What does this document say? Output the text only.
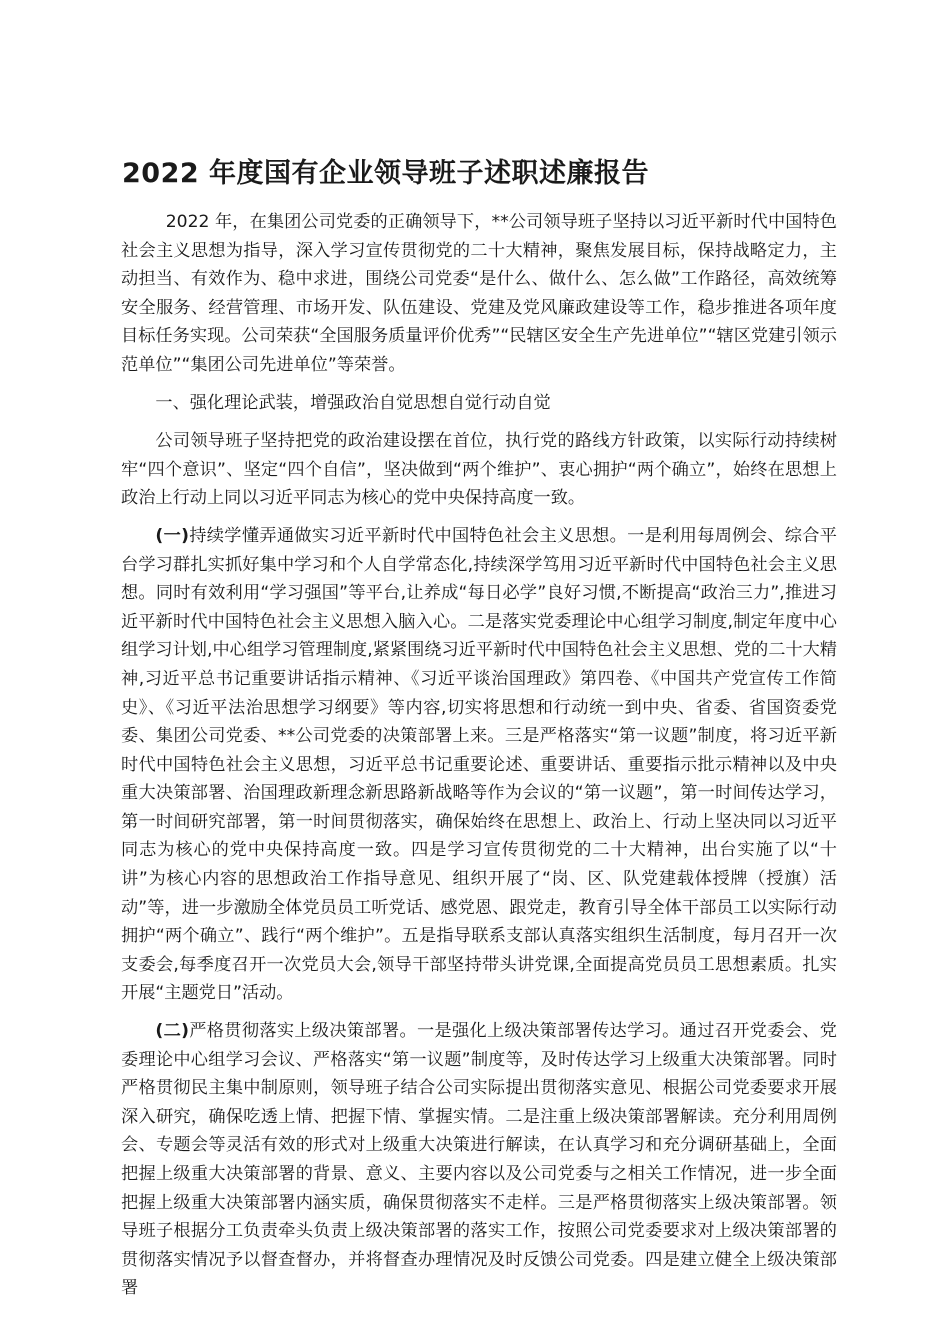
2022 年度国有企业领导班子述职述廉报告

2022 年，在集团公司党委的正确领导下，**公司领导班子坚持以习近平新时代中国特色社会主义思想为指导，深入学习宣传贯彻党的二十大精神，聚焦发展目标，保持战略定力，主动担当、有效作为、稳中求进，围绕公司党委“是什么、做什么、怎么做”工作路径，高效统筹安全服务、经营管理、市场开发、队伍建设、党建及党风廉政建设等工作，稳步推进各项年度目标任务实现。公司荣获“全国服务质量评价优秀”“民辖区安全生产先进单位”“辖区党建引领示范单位”“集团公司先进单位”等荣誉。

一、强化理论武装，增强政治自觉思想自觉行动自觉

公司领导班子坚持把党的政治建设摆在首位，执行党的路线方针政策，以实际行动持续树牢“四个意识”、坚定“四个自信”，坚决做到“两个维护”、衷心拥护“两个确立”，始终在思想上政治上行动上同以习近平同志为核心的党中央保持高度一致。

(一)持续学懂弄通做实习近平新时代中国特色社会主义思想。一是利用每周例会、综合平台学习群扎实抓好集中学习和个人自学常态化,持续深学笃用习近平新时代中国特色社会主义思想。同时有效利用“学习强国”等平台,让养成“每日必学”良好习惯,不断提高“政治三力”,推进习近平新时代中国特色社会主义思想入脑入心。二是落实党委理论中心组学习制度,制定年度中心组学习计划,中心组学习管理制度,紧紧围绕习近平新时代中国特色社会主义思想、党的二十大精神,习近平总书记重要讲话指示精神、《习近平谈治国理政》第四卷、《中国共产党宣传工作简史》、《习近平法治思想学习纲要》等内容,切实将思想和行动统一到中央、省委、省国资委党委、集团公司党委、**公司党委的决策部署上来。三是严格落实“第一议题”制度，将习近平新时代中国特色社会主义思想，习近平总书记重要论述、重要讲话、重要指示批示精神以及中央重大决策部署、治国理政新理念新思路新战略等作为会议的“第一议题”，第一时间传达学习，第一时间研究部署，第一时间贯彻落实，确保始终在思想上、政治上、行动上坚决同以习近平同志为核心的党中央保持高度一致。四是学习宣传贯彻党的二十大精神，出台实施了以“十讲”为核心内容的思想政治工作指导意见、组织开展了“岗、区、队党建载体授牌（授旗）活动”等，进一步激励全体党员员工听党话、感党恩、跟党走，教育引导全体干部员工以实际行动拥护“两个确立”、践行“两个维护”。五是指导联系支部认真落实组织生活制度，每月召开一次支委会,每季度召开一次党员大会,领导干部坚持带头讲党课,全面提高党员员工思想素质。扎实开展“主题党日”活动。

(二)严格贯彻落实上级决策部署。一是强化上级决策部署传达学习。通过召开党委会、党委理论中心组学习会议、严格落实“第一议题”制度等，及时传达学习上级重大决策部署。同时严格贯彻民主集中制原则，领导班子结合公司实际提出贯彻落实意见、根据公司党委要求开展深入研究，确保吃透上情、把握下情、掌握实情。二是注重上级决策部署解读。充分利用周例会、专题会等灵活有效的形式对上级重大决策进行解读，在认真学习和充分调研基础上，全面把握上级重大决策部署的背景、意义、主要内容以及公司党委与之相关工作情况，进一步全面把握上级重大决策部署内涵实质，确保贯彻落实不走样。三是严格贯彻落实上级决策部署。领导班子根据分工负责牵头负责上级决策部署的落实工作，按照公司党委要求对上级决策部署的贯彻落实情况予以督查督办，并将督查办理情况及时反馈公司党委。四是建立健全上级决策部署
